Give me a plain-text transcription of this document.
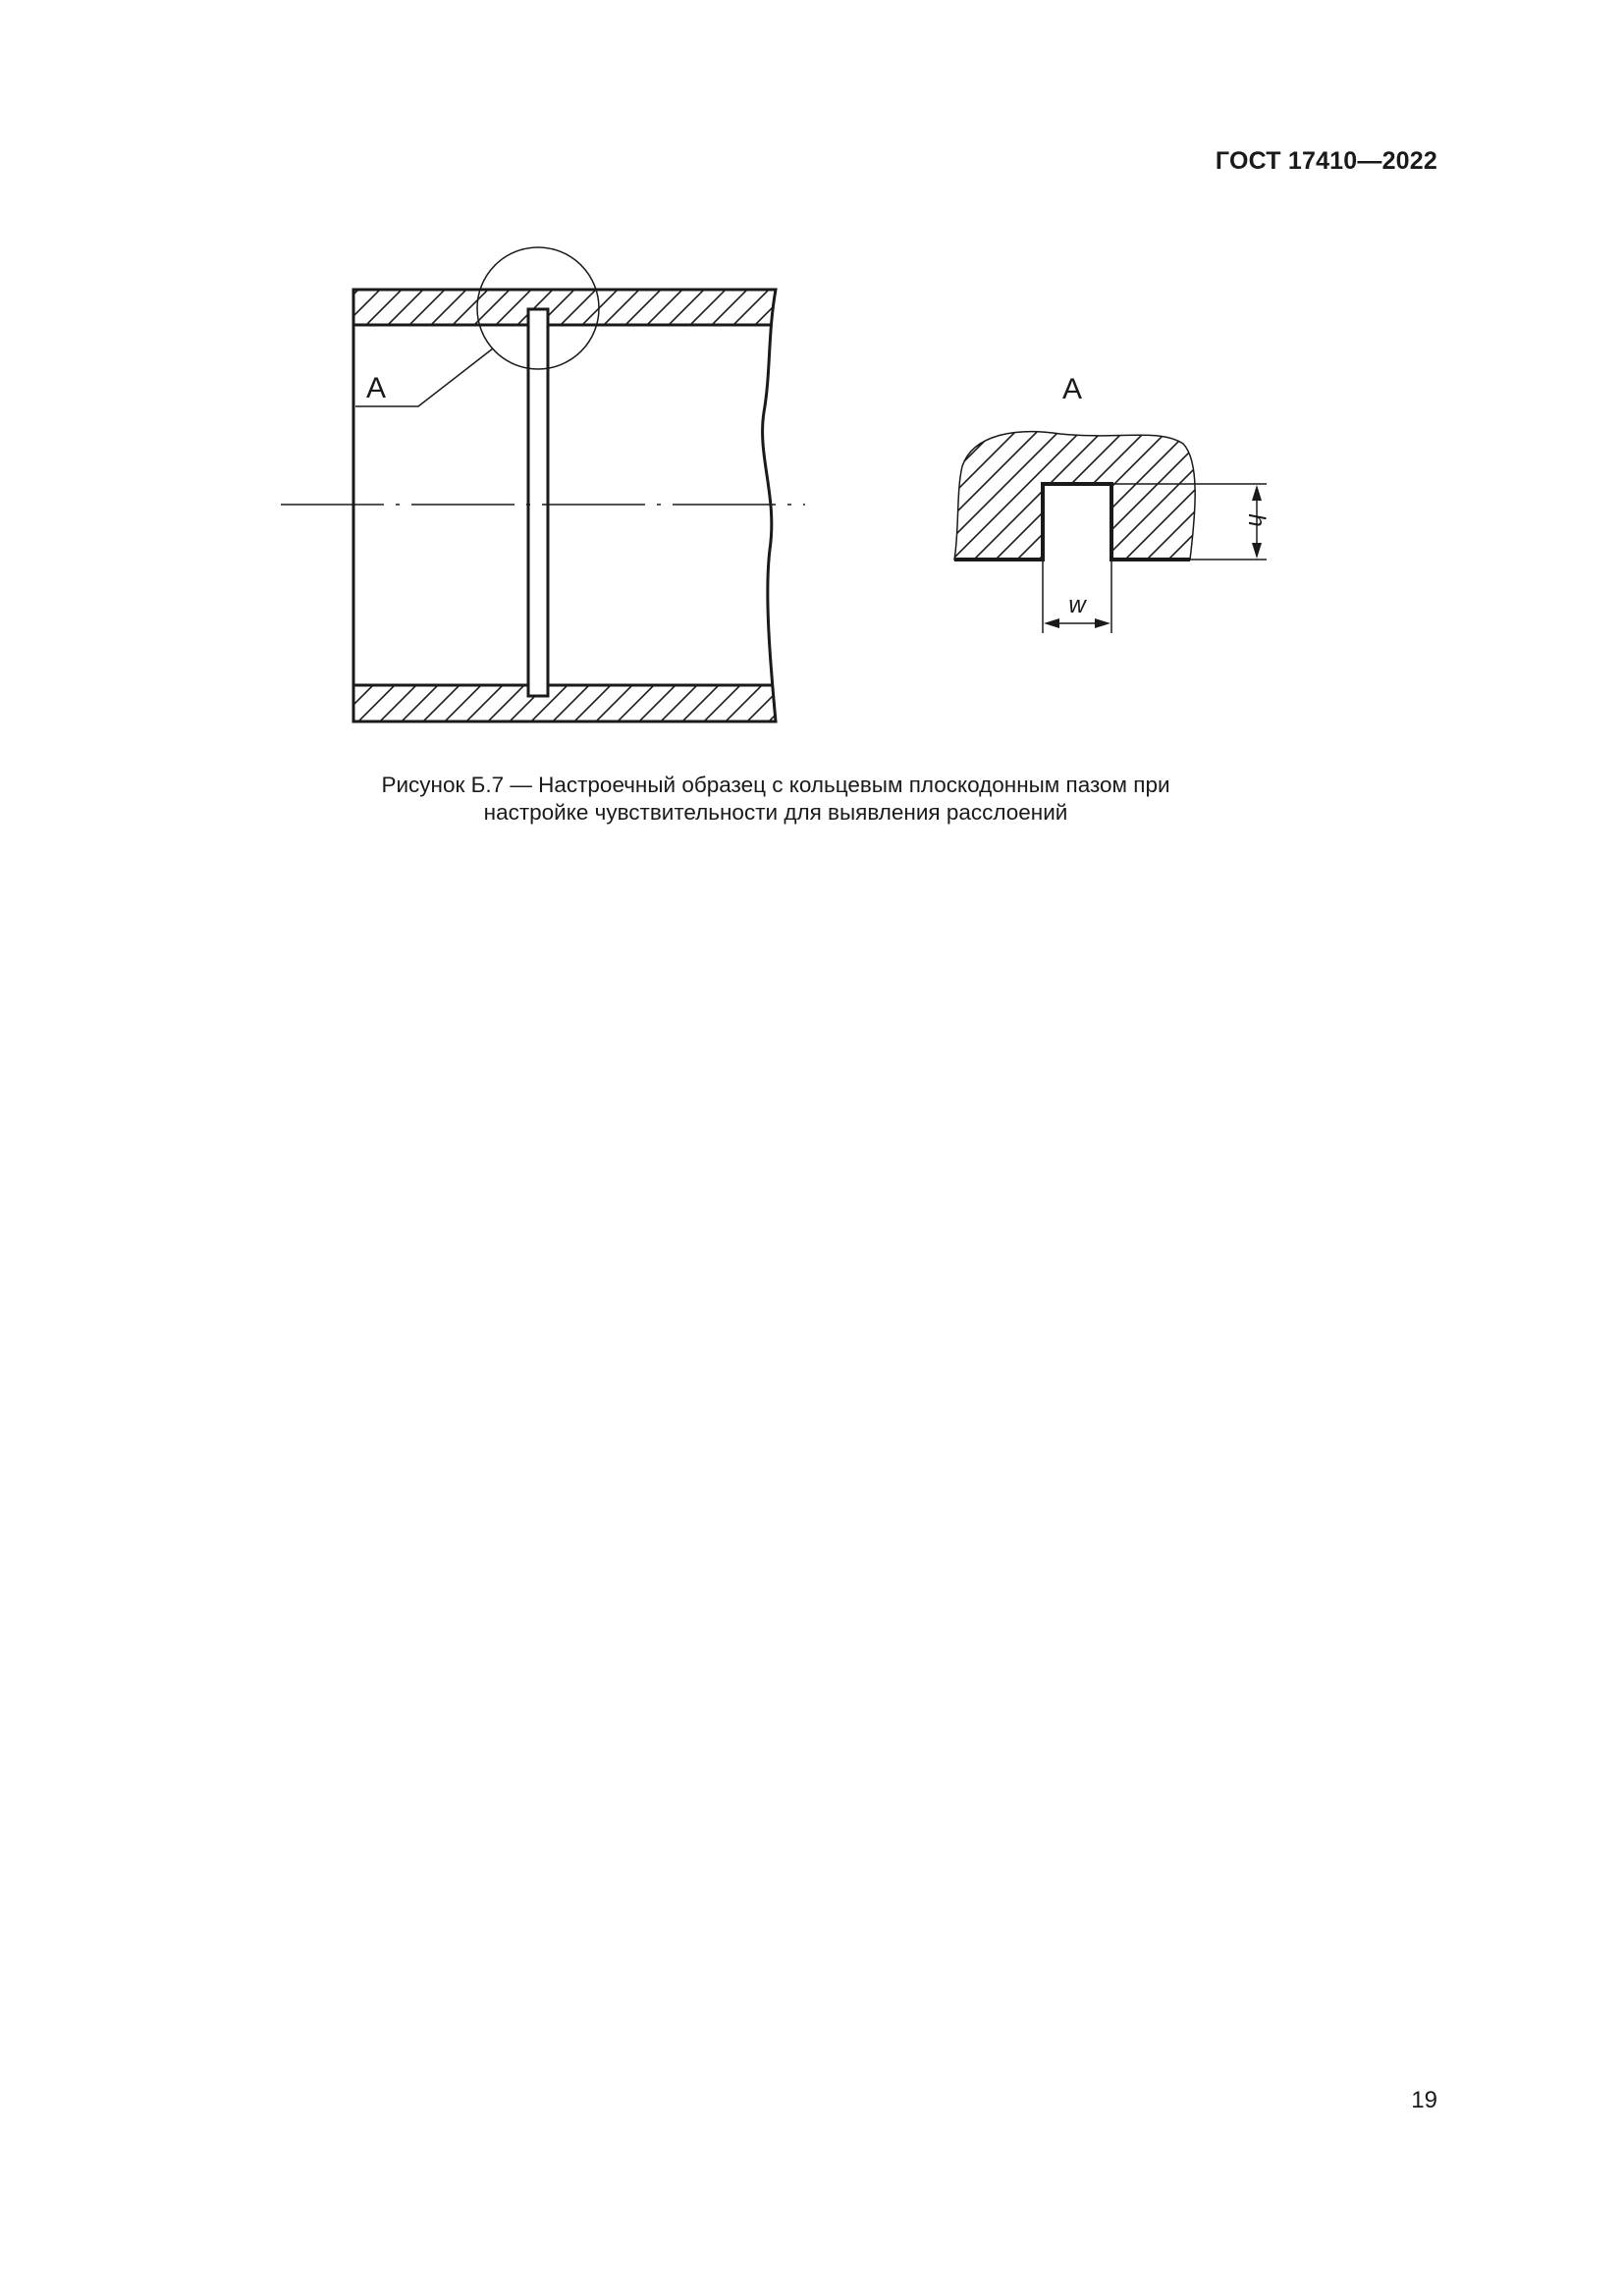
ГОСТ 17410—2022
A	A
h
w
Рисунок Б.7 — Настроечный образец с кольцевым плоскодонным пазом при
настройке чувствительности для выявления расслоений
19
